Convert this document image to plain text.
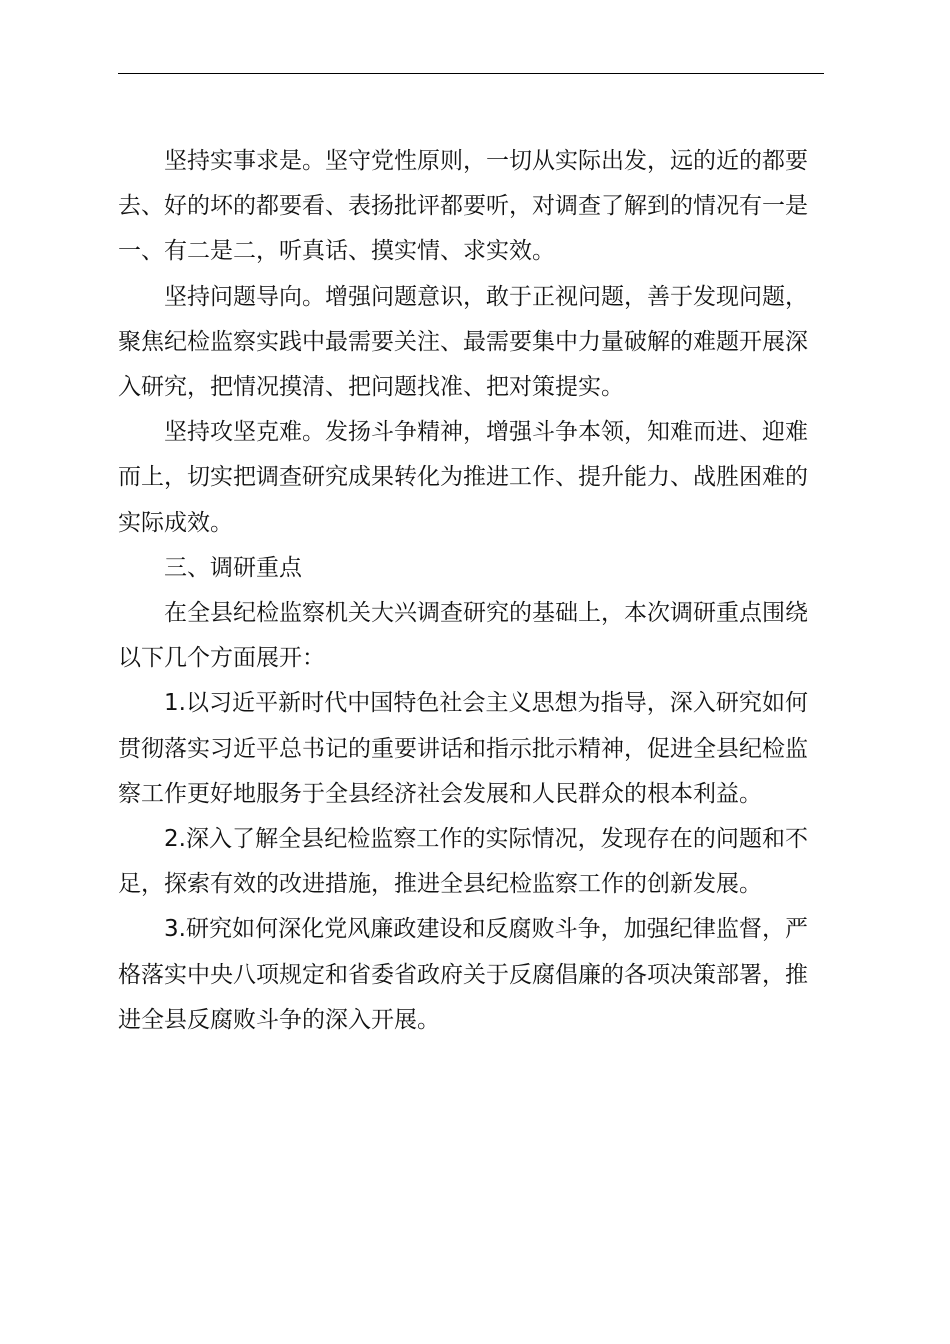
坚持实事求是。坚守党性原则，一切从实际出发，远的近的都要去、好的坏的都要看、表扬批评都要听，对调查了解到的情况有一是一、有二是二，听真话、摸实情、求实效。

坚持问题导向。增强问题意识，敢于正视问题，善于发现问题，聚焦纪检监察实践中最需要关注、最需要集中力量破解的难题开展深入研究，把情况摸清、把问题找准、把对策提实。

坚持攻坚克难。发扬斗争精神，增强斗争本领，知难而进、迎难而上，切实把调查研究成果转化为推进工作、提升能力、战胜困难的实际成效。

三、调研重点

在全县纪检监察机关大兴调查研究的基础上，本次调研重点围绕以下几个方面展开：

1.以习近平新时代中国特色社会主义思想为指导，深入研究如何贯彻落实习近平总书记的重要讲话和指示批示精神，促进全县纪检监察工作更好地服务于全县经济社会发展和人民群众的根本利益。

2.深入了解全县纪检监察工作的实际情况，发现存在的问题和不足，探索有效的改进措施，推进全县纪检监察工作的创新发展。

3.研究如何深化党风廉政建设和反腐败斗争，加强纪律监督，严格落实中央八项规定和省委省政府关于反腐倡廉的各项决策部署，推进全县反腐败斗争的深入开展。
